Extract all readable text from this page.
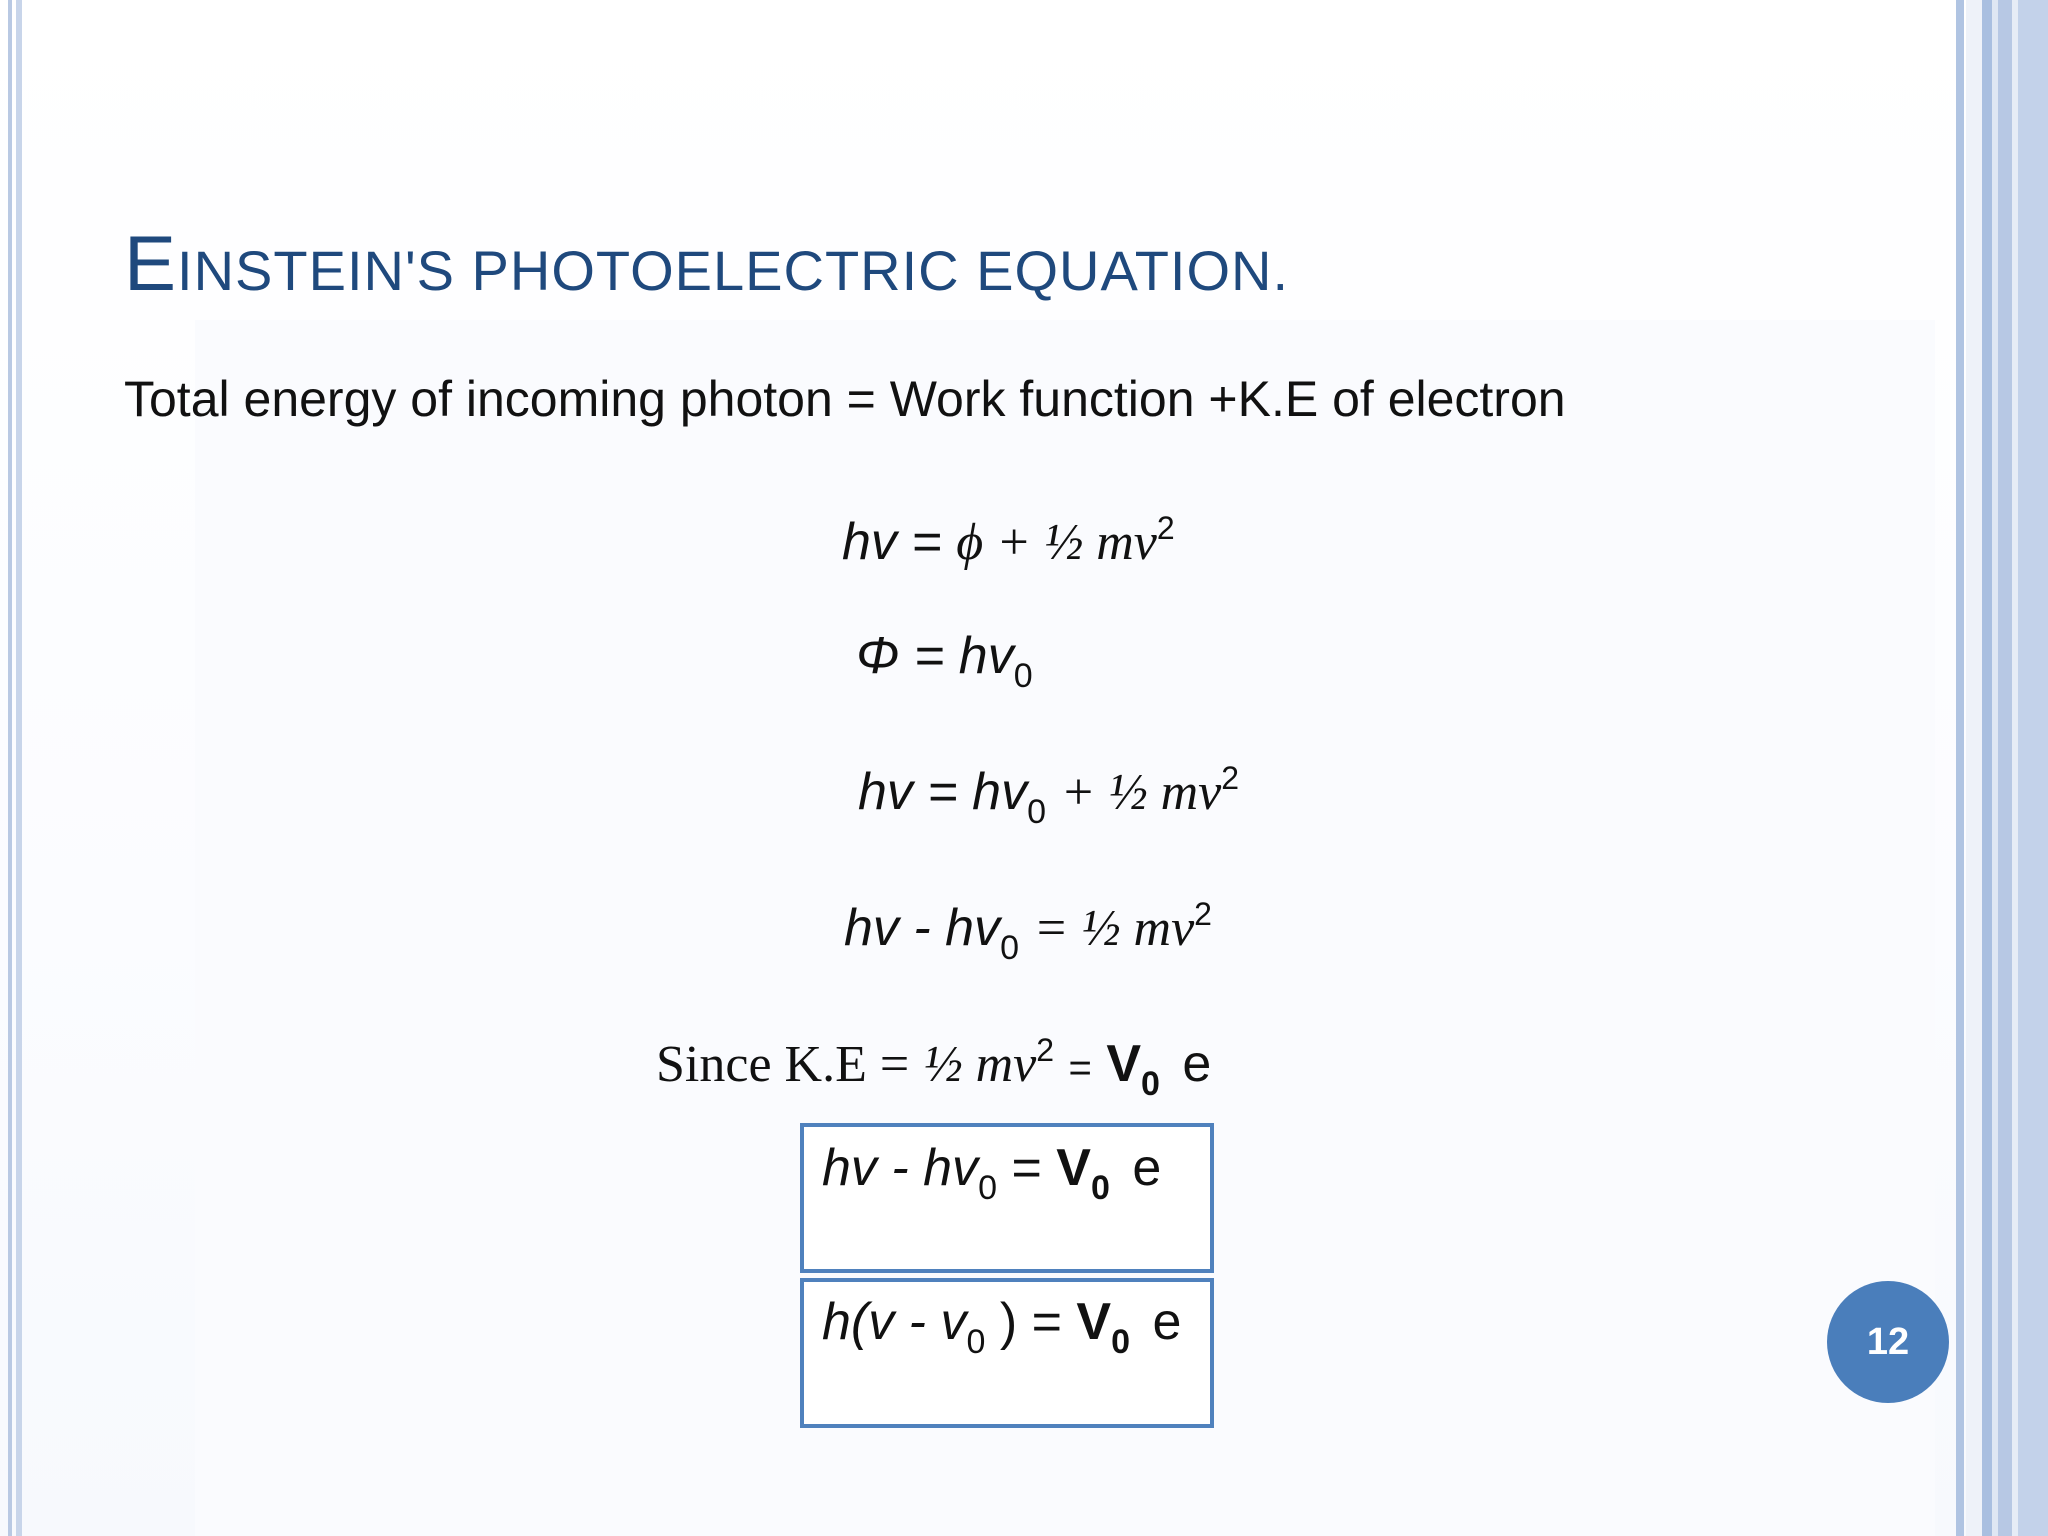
EINSTEIN'S PHOTOELECTRIC EQUATION.

Total energy of incoming photon = Work function +K.E of electron

hv = ϕ + ½ $mv^2$
$\Phi = hv_0$
hv = $hv_0$ + ½ $mv^2$
hv - $hv_0$ = ½ $mv^2$
Since K.E = ½ $mv^2 = V_0$ e
hv - $hv_0 = V_0$ e
$h(v - v_0$ ) = $V_0$ e	12
